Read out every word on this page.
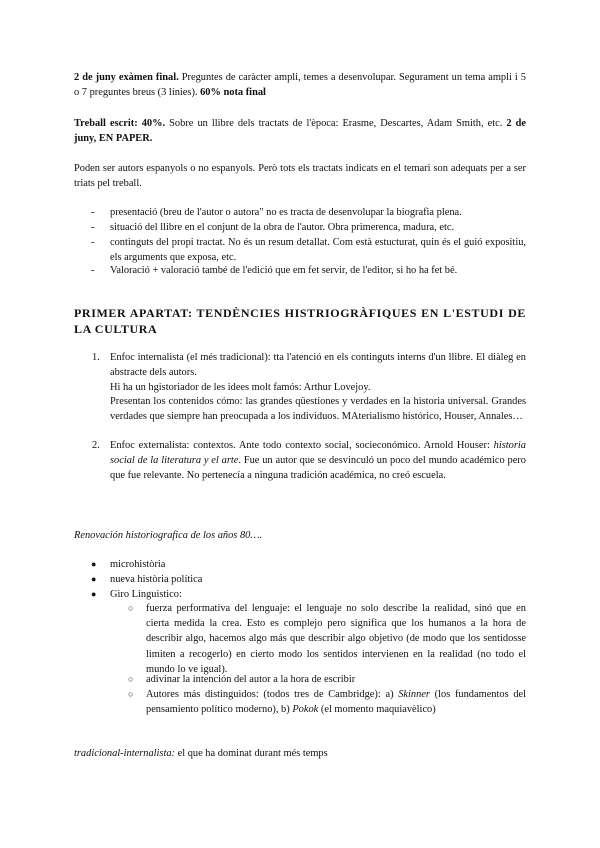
2 de juny exàmen final. Preguntes de caràcter ampli, temes a desenvolupar. Segurament un tema ampli i 5 o 7 preguntes breus (3 línies). 60% nota final
Treball escrit: 40%. Sobre un llibre dels tractats de l'època: Erasme, Descartes, Adam Smith, etc. 2 de juny, EN PAPER.
Poden ser autors espanyols o no espanyols. Però tots els tractats indicats en el temari son adequats per a ser triats pel treball.
- presentació (breu de l'autor o autora" no es tracta de desenvolupar la biografia plena.
- situació del llibre en el conjunt de la obra de l'autor. Obra primerenca, madura, etc.
- continguts del propi tractat. No és un resum detallat. Com està estucturat, quin és el guió expositiu, els arguments que exposa, etc.
- Valoració + valoració també de l'edició que em fet servir, de l'editor, si ho ha fet bé.
PRIMER APARTAT: TENDÈNCIES HISTRIOGRÀFIQUES EN L'ESTUDI DE LA CULTURA
1. Enfoc internalista (el més tradicional): tta l'atenció en els continguts interns d'un llibre. El diàleg en abstracte dels autors.
Hi ha un hgistoriador de les idees molt famós: Arthur Lovejoy.
Presentan los contenidos cómo: las grandes qüestiones y verdades en la historia universal. Grandes verdades que siempre han preocupada a los individuos. MAterialismo histórico, Houser, Annales…
2. Enfoc externalista: contextos. Ante todo contexto social, socieconómico. Arnold Houser: historia social de la literatura y el arte. Fue un autor que se desvinculó un poco del mundo académico pero que fue relevante. No pertenecía a ninguna tradición académica, no creó escuela.
Renovación historiografica de los años 80….
● microhistòria
● nueva història política
● Giro Linguistico:
○ fuerza performativa del lenguaje: el lenguaje no solo describe la realidad, sinó que en cierta medida la crea. Esto es complejo pero significa que los humanos a la hora de describir algo, hacemos algo más que describir algo objetivo (de modo que los sentidosse limiten a recogerlo) en cierto modo los sentidos intervienen en la realidad (no todo el mundo lo ve igual).
○ adivinar la intención del autor a la hora de escribir
○ Autores más distinguidos: (todos tres de Cambridge): a) Skinner (los fundamentos del pensamiento político moderno), b) Pokok (el momento maquiavèlico)
tradicional-internalista: el que ha dominat durant més temps
